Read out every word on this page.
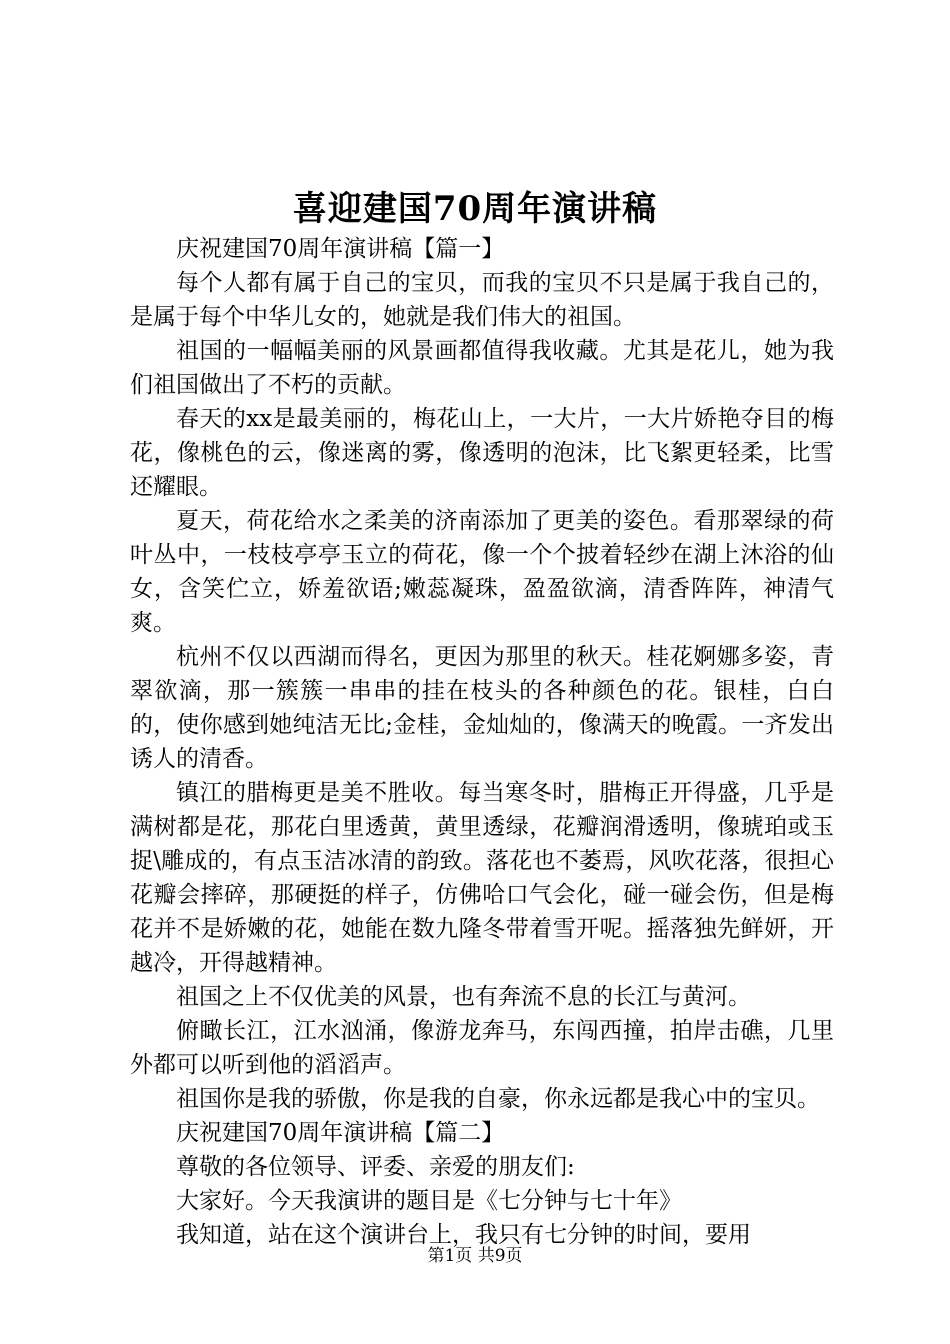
喜迎建国70周年演讲稿

庆祝建国70周年演讲稿【篇一】

每个人都有属于自己的宝贝，而我的宝贝不只是属于我自己的，是属于每个中华儿女的，她就是我们伟大的祖国。

祖国的一幅幅美丽的风景画都值得我收藏。尤其是花儿，她为我们祖国做出了不朽的贡献。

春天的xx是最美丽的，梅花山上，一大片，一大片娇艳夺目的梅花，像桃色的云，像迷离的雾，像透明的泡沫，比飞絮更轻柔，比雪还耀眼。

夏天，荷花给水之柔美的济南添加了更美的姿色。看那翠绿的荷叶丛中，一枝枝亭亭玉立的荷花，像一个个披着轻纱在湖上沐浴的仙女，含笑伫立，娇羞欲语;嫩蕊凝珠，盈盈欲滴，清香阵阵，神清气爽。

杭州不仅以西湖而得名，更因为那里的秋天。桂花婀娜多姿，青翠欲滴，那一簇簇一串串的挂在枝头的各种颜色的花。银桂，白白的，使你感到她纯洁无比;金桂，金灿灿的，像满天的晚霞。一齐发出诱人的清香。

镇江的腊梅更是美不胜收。每当寒冬时，腊梅正开得盛，几乎是满树都是花，那花白里透黄，黄里透绿，花瓣润滑透明，像琥珀或玉捉\雕成的，有点玉洁冰清的韵致。落花也不萎焉，风吹花落，很担心花瓣会摔碎，那硬挺的样子，仿佛哈口气会化，碰一碰会伤，但是梅花并不是娇嫩的花，她能在数九隆冬带着雪开呢。摇落独先鲜妍，开越冷，开得越精神。

祖国之上不仅优美的风景，也有奔流不息的长江与黄河。

俯瞰长江，江水汹涌，像游龙奔马，东闯西撞，拍岸击礁，几里外都可以听到他的滔滔声。

祖国你是我的骄傲，你是我的自豪，你永远都是我心中的宝贝。

庆祝建国70周年演讲稿【篇二】

尊敬的各位领导、评委、亲爱的朋友们:

大家好。今天我演讲的题目是《七分钟与七十年》

我知道，站在这个演讲台上，我只有七分钟的时间，要用

第1页 共9页
